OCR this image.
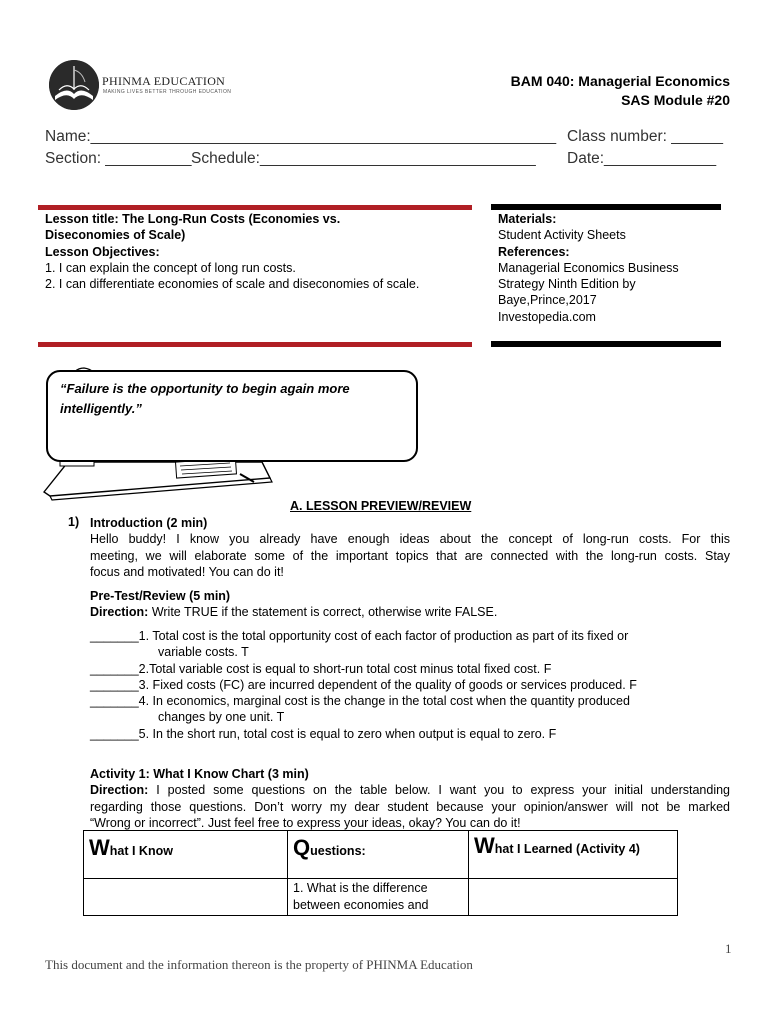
PHINMA EDUCATION
MAKING LIVES BETTER THROUGH EDUCATION
BAM 040: Managerial Economics
SAS Module #20
Name:______________________________________________________ Class number: ______
Section: __________ Schedule:________________________________ Date:_____________
Lesson title: The Long-Run Costs (Economies vs.
Diseconomies of Scale)
Lesson Objectives:
1. I can explain the concept of long run costs.
2. I can differentiate economies of scale and diseconomies of scale.
Materials:
Student Activity Sheets
References:
Managerial Economics Business
Strategy Ninth Edition by
Baye,Prince,2017
Investopedia.com
“Failure is the opportunity to begin again more
intelligently.”
A. LESSON PREVIEW/REVIEW
1) Introduction (2 min)
Hello buddy! I know you already have enough ideas about the concept of long-run costs. For this
meeting, we will elaborate some of the important topics that are connected with the long-run costs. Stay
focus and motivated! You can do it!
Pre-Test/Review (5 min)
Direction: Write TRUE if the statement is correct, otherwise write FALSE.
_______1. Total cost is the total opportunity cost of each factor of production as part of its fixed or
variable costs. T
_______2.Total variable cost is equal to short-run total cost minus total fixed cost. F
_______3. Fixed costs (FC) are incurred dependent of the quality of goods or services produced. F
_______4. In economics, marginal cost is the change in the total cost when the quantity produced
changes by one unit. T
_______5. In the short run, total cost is equal to zero when output is equal to zero. F
Activity 1: What I Know Chart (3 min)
Direction: I posted some questions on the table below. I want you to express your initial understanding
regarding those questions. Don’t worry my dear student because your opinion/answer will not be marked
“Wrong or incorrect”. Just feel free to express your ideas, okay? You can do it!
What I Know	Questions:	What I Learned (Activity 4)

	1. What is the difference
between economies and	

1
This document and the information thereon is the property of PHINMA Education
